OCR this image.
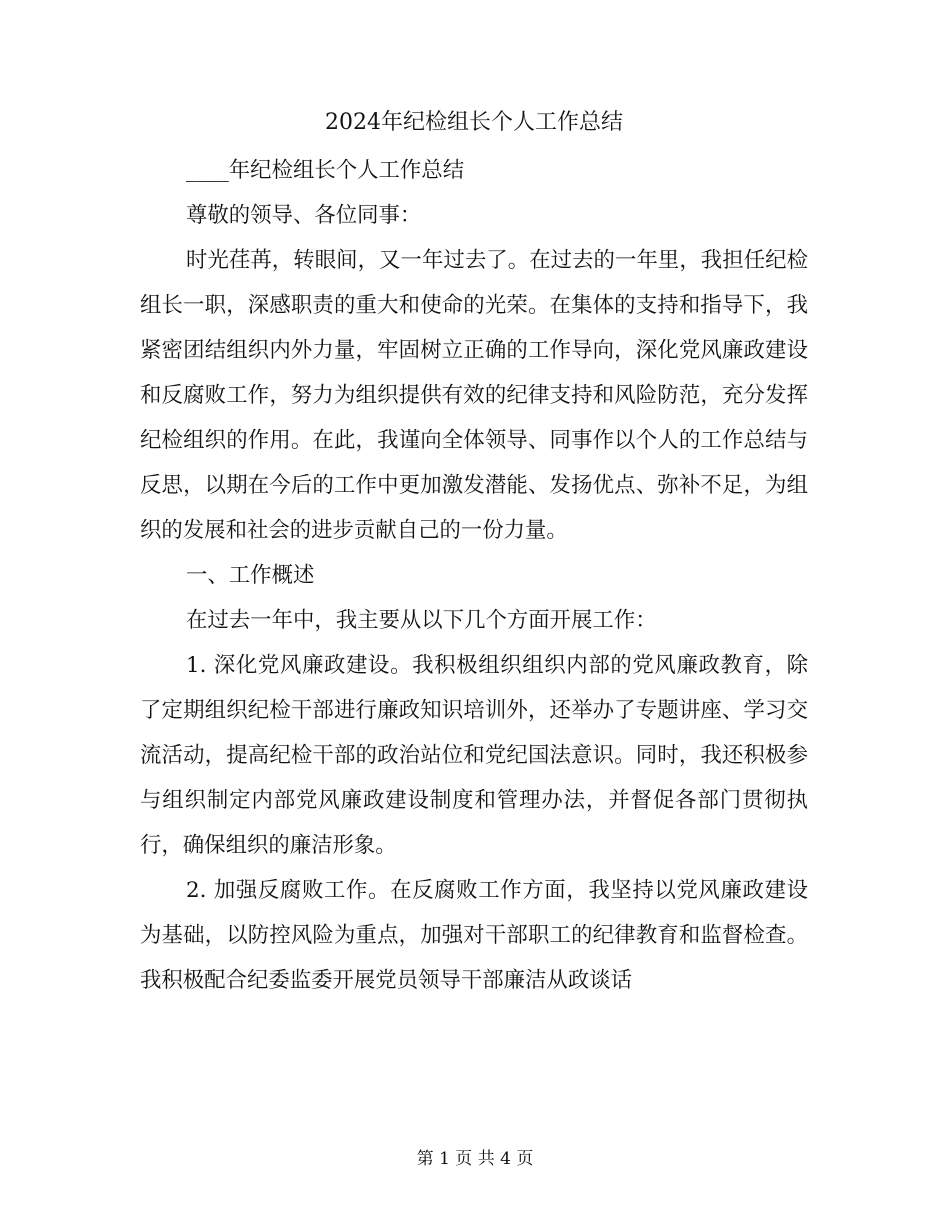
2024年纪检组长个人工作总结

____年纪检组长个人工作总结

尊敬的领导、各位同事：

时光荏苒，转眼间，又一年过去了。在过去的一年里，我担任纪检组长一职，深感职责的重大和使命的光荣。在集体的支持和指导下，我紧密团结组织内外力量，牢固树立正确的工作导向，深化党风廉政建设和反腐败工作，努力为组织提供有效的纪律支持和风险防范，充分发挥纪检组织的作用。在此，我谨向全体领导、同事作以个人的工作总结与反思，以期在今后的工作中更加激发潜能、发扬优点、弥补不足，为组织的发展和社会的进步贡献自己的一份力量。

一、工作概述

在过去一年中，我主要从以下几个方面开展工作：

1. 深化党风廉政建设。我积极组织组织内部的党风廉政教育，除了定期组织纪检干部进行廉政知识培训外，还举办了专题讲座、学习交流活动，提高纪检干部的政治站位和党纪国法意识。同时，我还积极参与组织制定内部党风廉政建设制度和管理办法，并督促各部门贯彻执行，确保组织的廉洁形象。

2. 加强反腐败工作。在反腐败工作方面，我坚持以党风廉政建设为基础，以防控风险为重点，加强对干部职工的纪律教育和监督检查。我积极配合纪委监委开展党员领导干部廉洁从政谈话

第 1 页 共 4 页
